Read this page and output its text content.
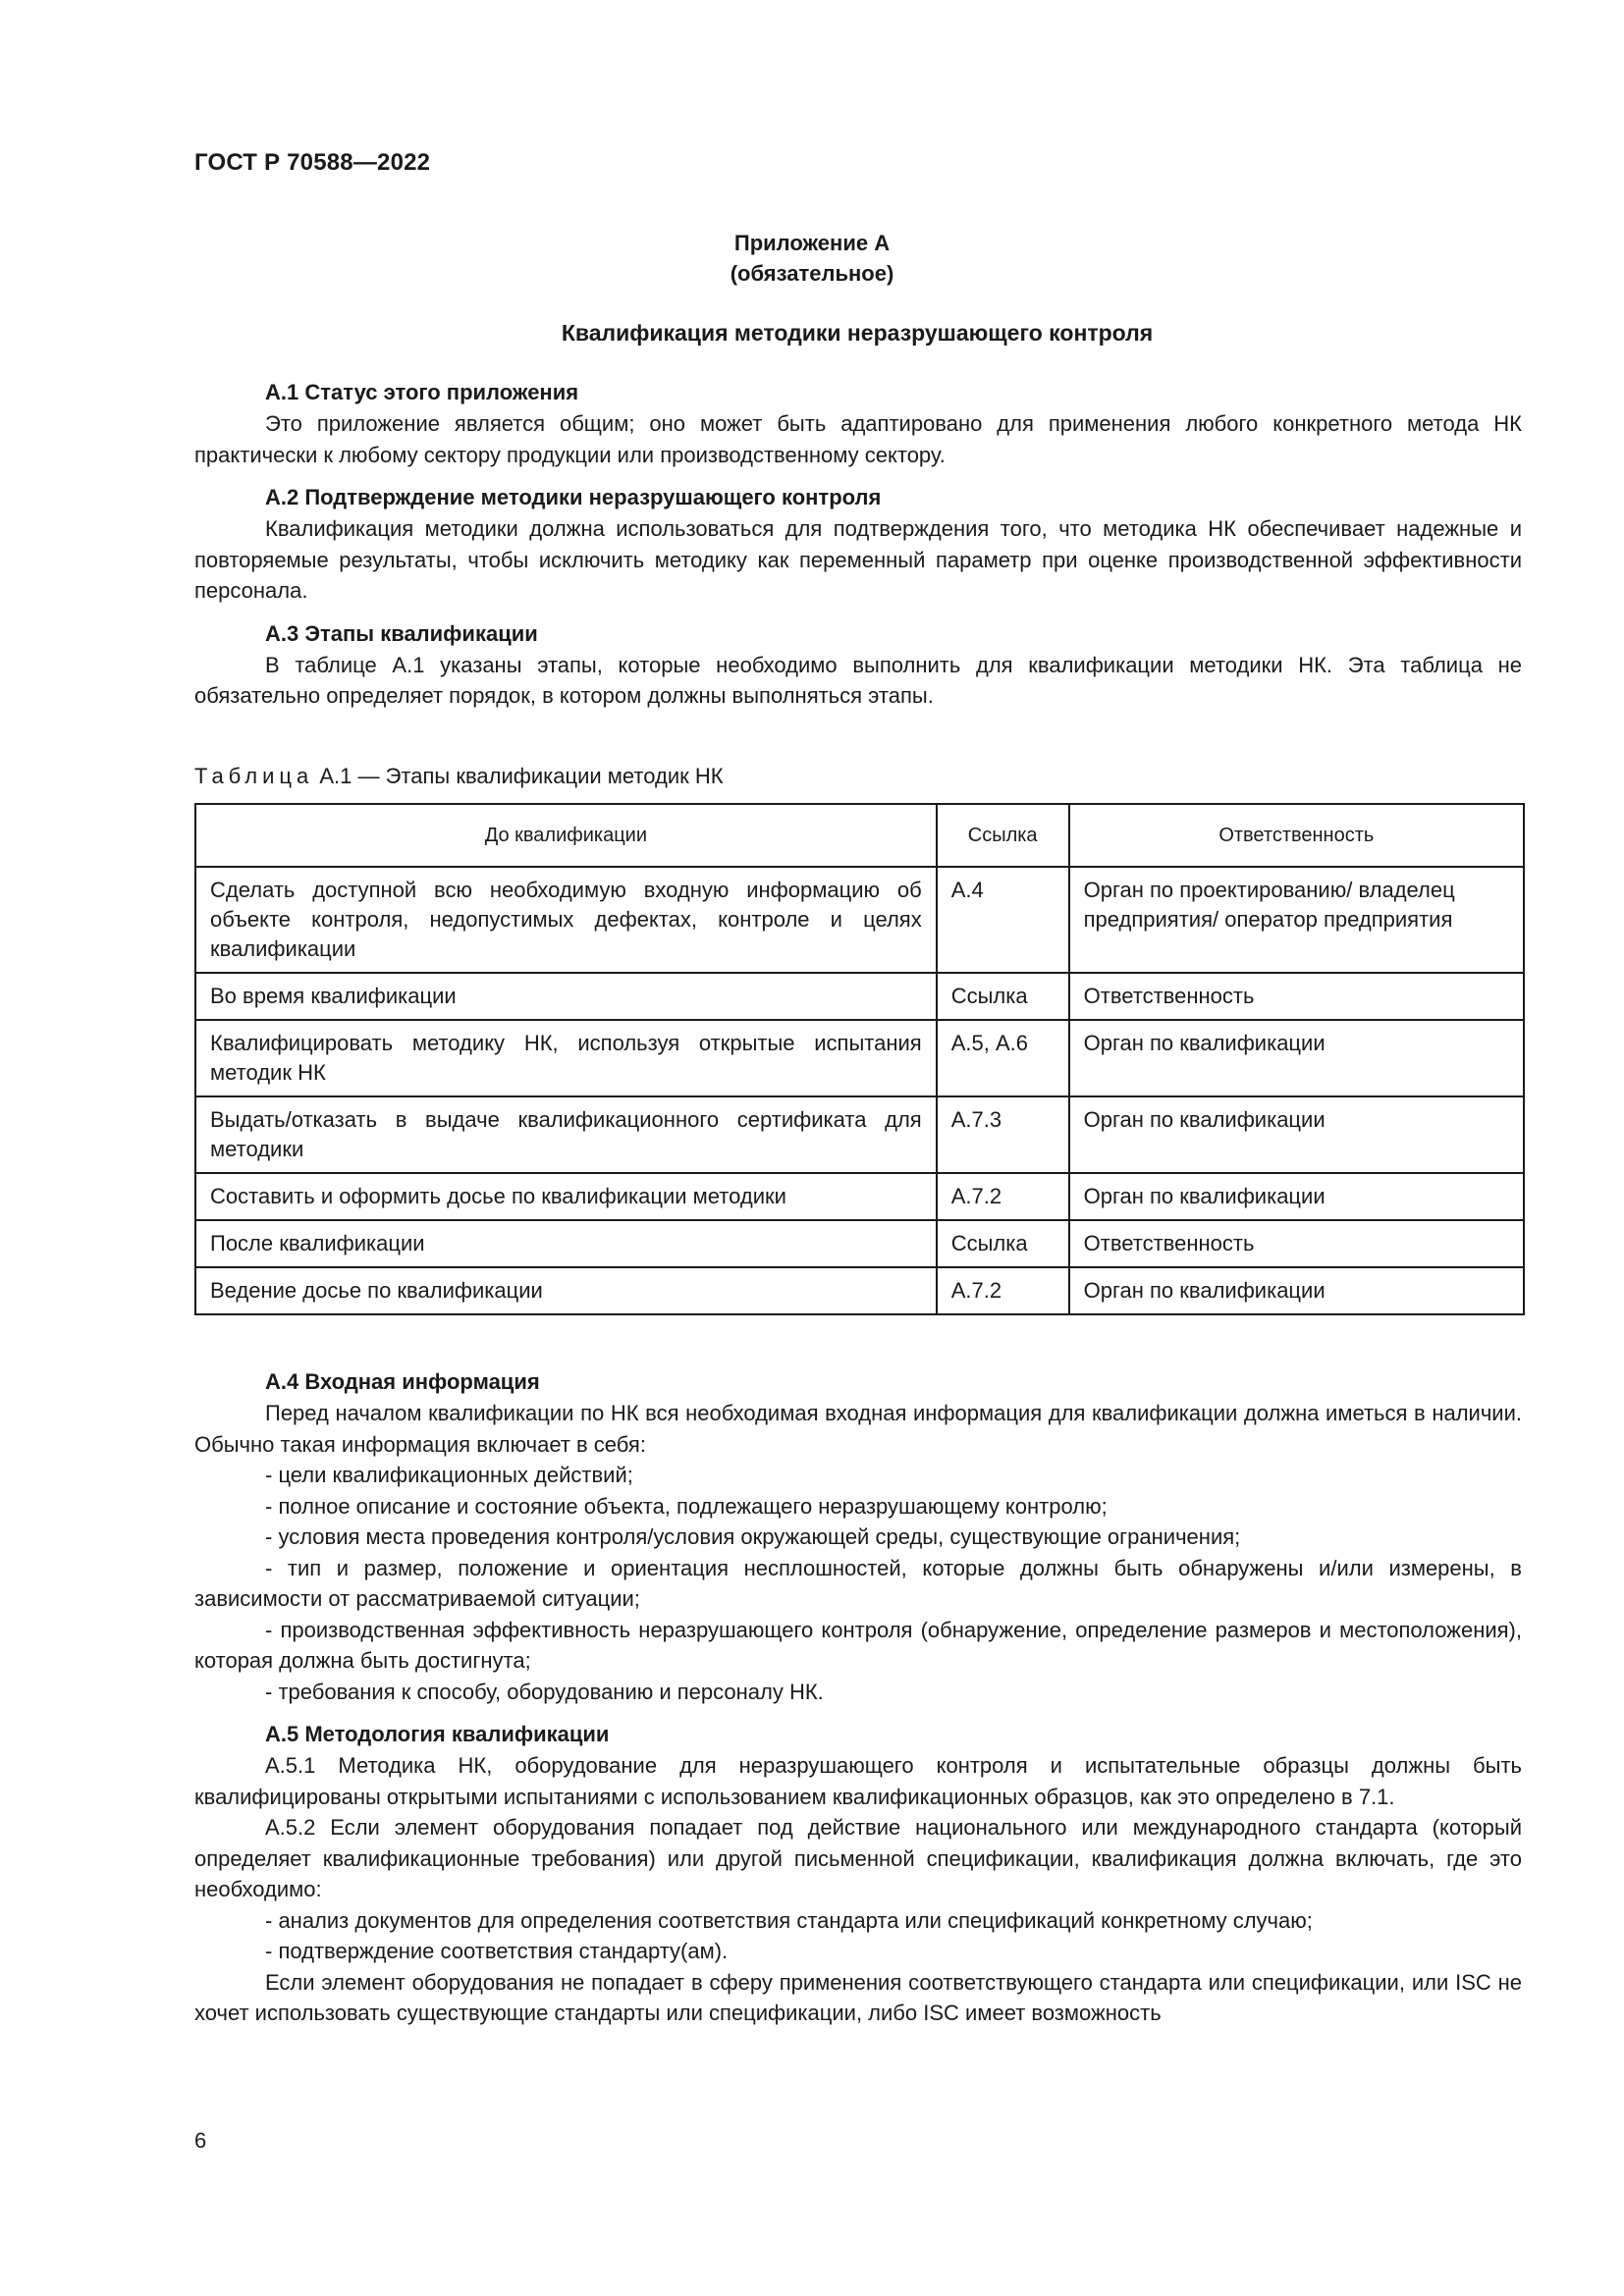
ГОСТ Р 70588—2022
Приложение А
(обязательное)
Квалификация методики неразрушающего контроля
А.1 Статус этого приложения

Это приложение является общим; оно может быть адаптировано для применения любого конкретного метода НК практически к любому сектору продукции или производственному сектору.

А.2 Подтверждение методики неразрушающего контроля

Квалификация методики должна использоваться для подтверждения того, что методика НК обеспечивает надежные и повторяемые результаты, чтобы исключить методику как переменный параметр при оценке производственной эффективности персонала.

А.3 Этапы квалификации

В таблице А.1 указаны этапы, которые необходимо выполнить для квалификации методики НК. Эта таблица не обязательно определяет порядок, в котором должны выполняться этапы.

Таблица А.1 — Этапы квалификации методик НК
До квалификации	Ссылка	Ответственность
Сделать доступной всю необходимую входную информацию об объекте контроля, недопустимых дефектах, контроле и целях квалификации	А.4	Орган по проектированию/ владелец предприятия/ оператор предприятия
Во время квалификации	Ссылка	Ответственность
Квалифицировать методику НК, используя открытые испытания методик НК	А.5, А.6	Орган по квалификации
Выдать/отказать в выдаче квалификационного сертификата для методики	А.7.3	Орган по квалификации
Составить и оформить досье по квалификации методики	А.7.2	Орган по квалификации
После квалификации	Ссылка	Ответственность
Ведение досье по квалификации	А.7.2	Орган по квалификации
А.4 Входная информация

Перед началом квалификации по НК вся необходимая входная информация для квалификации должна иметься в наличии. Обычно такая информация включает в себя:

- цели квалификационных действий;

- полное описание и состояние объекта, подлежащего неразрушающему контролю;

- условия места проведения контроля/условия окружающей среды, существующие ограничения;

- тип и размер, положение и ориентация несплошностей, которые должны быть обнаружены и/или измерены, в зависимости от рассматриваемой ситуации;

- производственная эффективность неразрушающего контроля (обнаружение, определение размеров и местоположения), которая должна быть достигнута;

- требования к способу, оборудованию и персоналу НК.

А.5 Методология квалификации

А.5.1 Методика НК, оборудование для неразрушающего контроля и испытательные образцы должны быть квалифицированы открытыми испытаниями с использованием квалификационных образцов, как это определено в 7.1.

А.5.2 Если элемент оборудования попадает под действие национального или международного стандарта (который определяет квалификационные требования) или другой письменной спецификации, квалификация должна включать, где это необходимо:

- анализ документов для определения соответствия стандарта или спецификаций конкретному случаю;

- подтверждение соответствия стандарту(ам).

Если элемент оборудования не попадает в сферу применения соответствующего стандарта или спецификации, или ISC не хочет использовать существующие стандарты или спецификации, либо ISC имеет возможность

6
